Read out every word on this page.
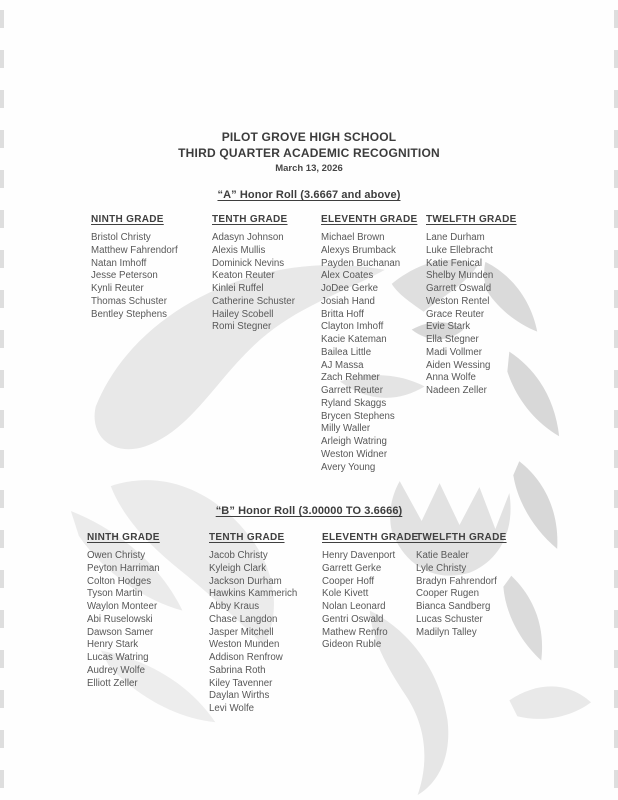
PILOT GROVE HIGH SCHOOL
THIRD QUARTER ACADEMIC RECOGNITION
March 13, 2026
“A” Honor Roll (3.6667 and above)
NINTH GRADE
Bristol Christy
Matthew Fahrendorf
Natan Imhoff
Jesse Peterson
Kynli Reuter
Thomas Schuster
Bentley Stephens
TENTH GRADE
Adasyn Johnson
Alexis Mullis
Dominick Nevins
Keaton Reuter
Kinlei Ruffel
Catherine Schuster
Hailey Scobell
Romi Stegner
ELEVENTH GRADE
Michael Brown
Alexys Brumback
Payden Buchanan
Alex Coates
JoDee Gerke
Josiah Hand
Britta Hoff
Clayton Imhoff
Kacie Kateman
Bailea Little
AJ Massa
Zach Rehmer
Garrett Reuter
Ryland Skaggs
Brycen Stephens
Milly Waller
Arleigh Watring
Weston Widner
Avery Young
TWELFTH GRADE
Lane Durham
Luke Ellebracht
Katie Fenical
Shelby Munden
Garrett Oswald
Weston Rentel
Grace Reuter
Evie Stark
Ella Stegner
Madi Vollmer
Aiden Wessing
Anna Wolfe
Nadeen Zeller
“B” Honor Roll (3.00000 TO 3.6666)
NINTH GRADE
Owen Christy
Peyton Harriman
Colton Hodges
Tyson Martin
Waylon Monteer
Abi Ruselowski
Dawson Samer
Henry Stark
Lucas Watring
Audrey Wolfe
Elliott Zeller
TENTH GRADE
Jacob Christy
Kyleigh Clark
Jackson Durham
Hawkins Kammerich
Abby Kraus
Chase Langdon
Jasper Mitchell
Weston Munden
Addison Renfrow
Sabrina Roth
Kiley Tavenner
Daylan Wirths
Levi Wolfe
ELEVENTH GRADE
Henry Davenport
Garrett Gerke
Cooper Hoff
Kole Kivett
Nolan Leonard
Gentri Oswald
Mathew Renfro
Gideon Ruble
TWELFTH GRADE
Katie Bealer
Lyle Christy
Bradyn Fahrendorf
Cooper Rugen
Bianca Sandberg
Lucas Schuster
Madilyn Talley
